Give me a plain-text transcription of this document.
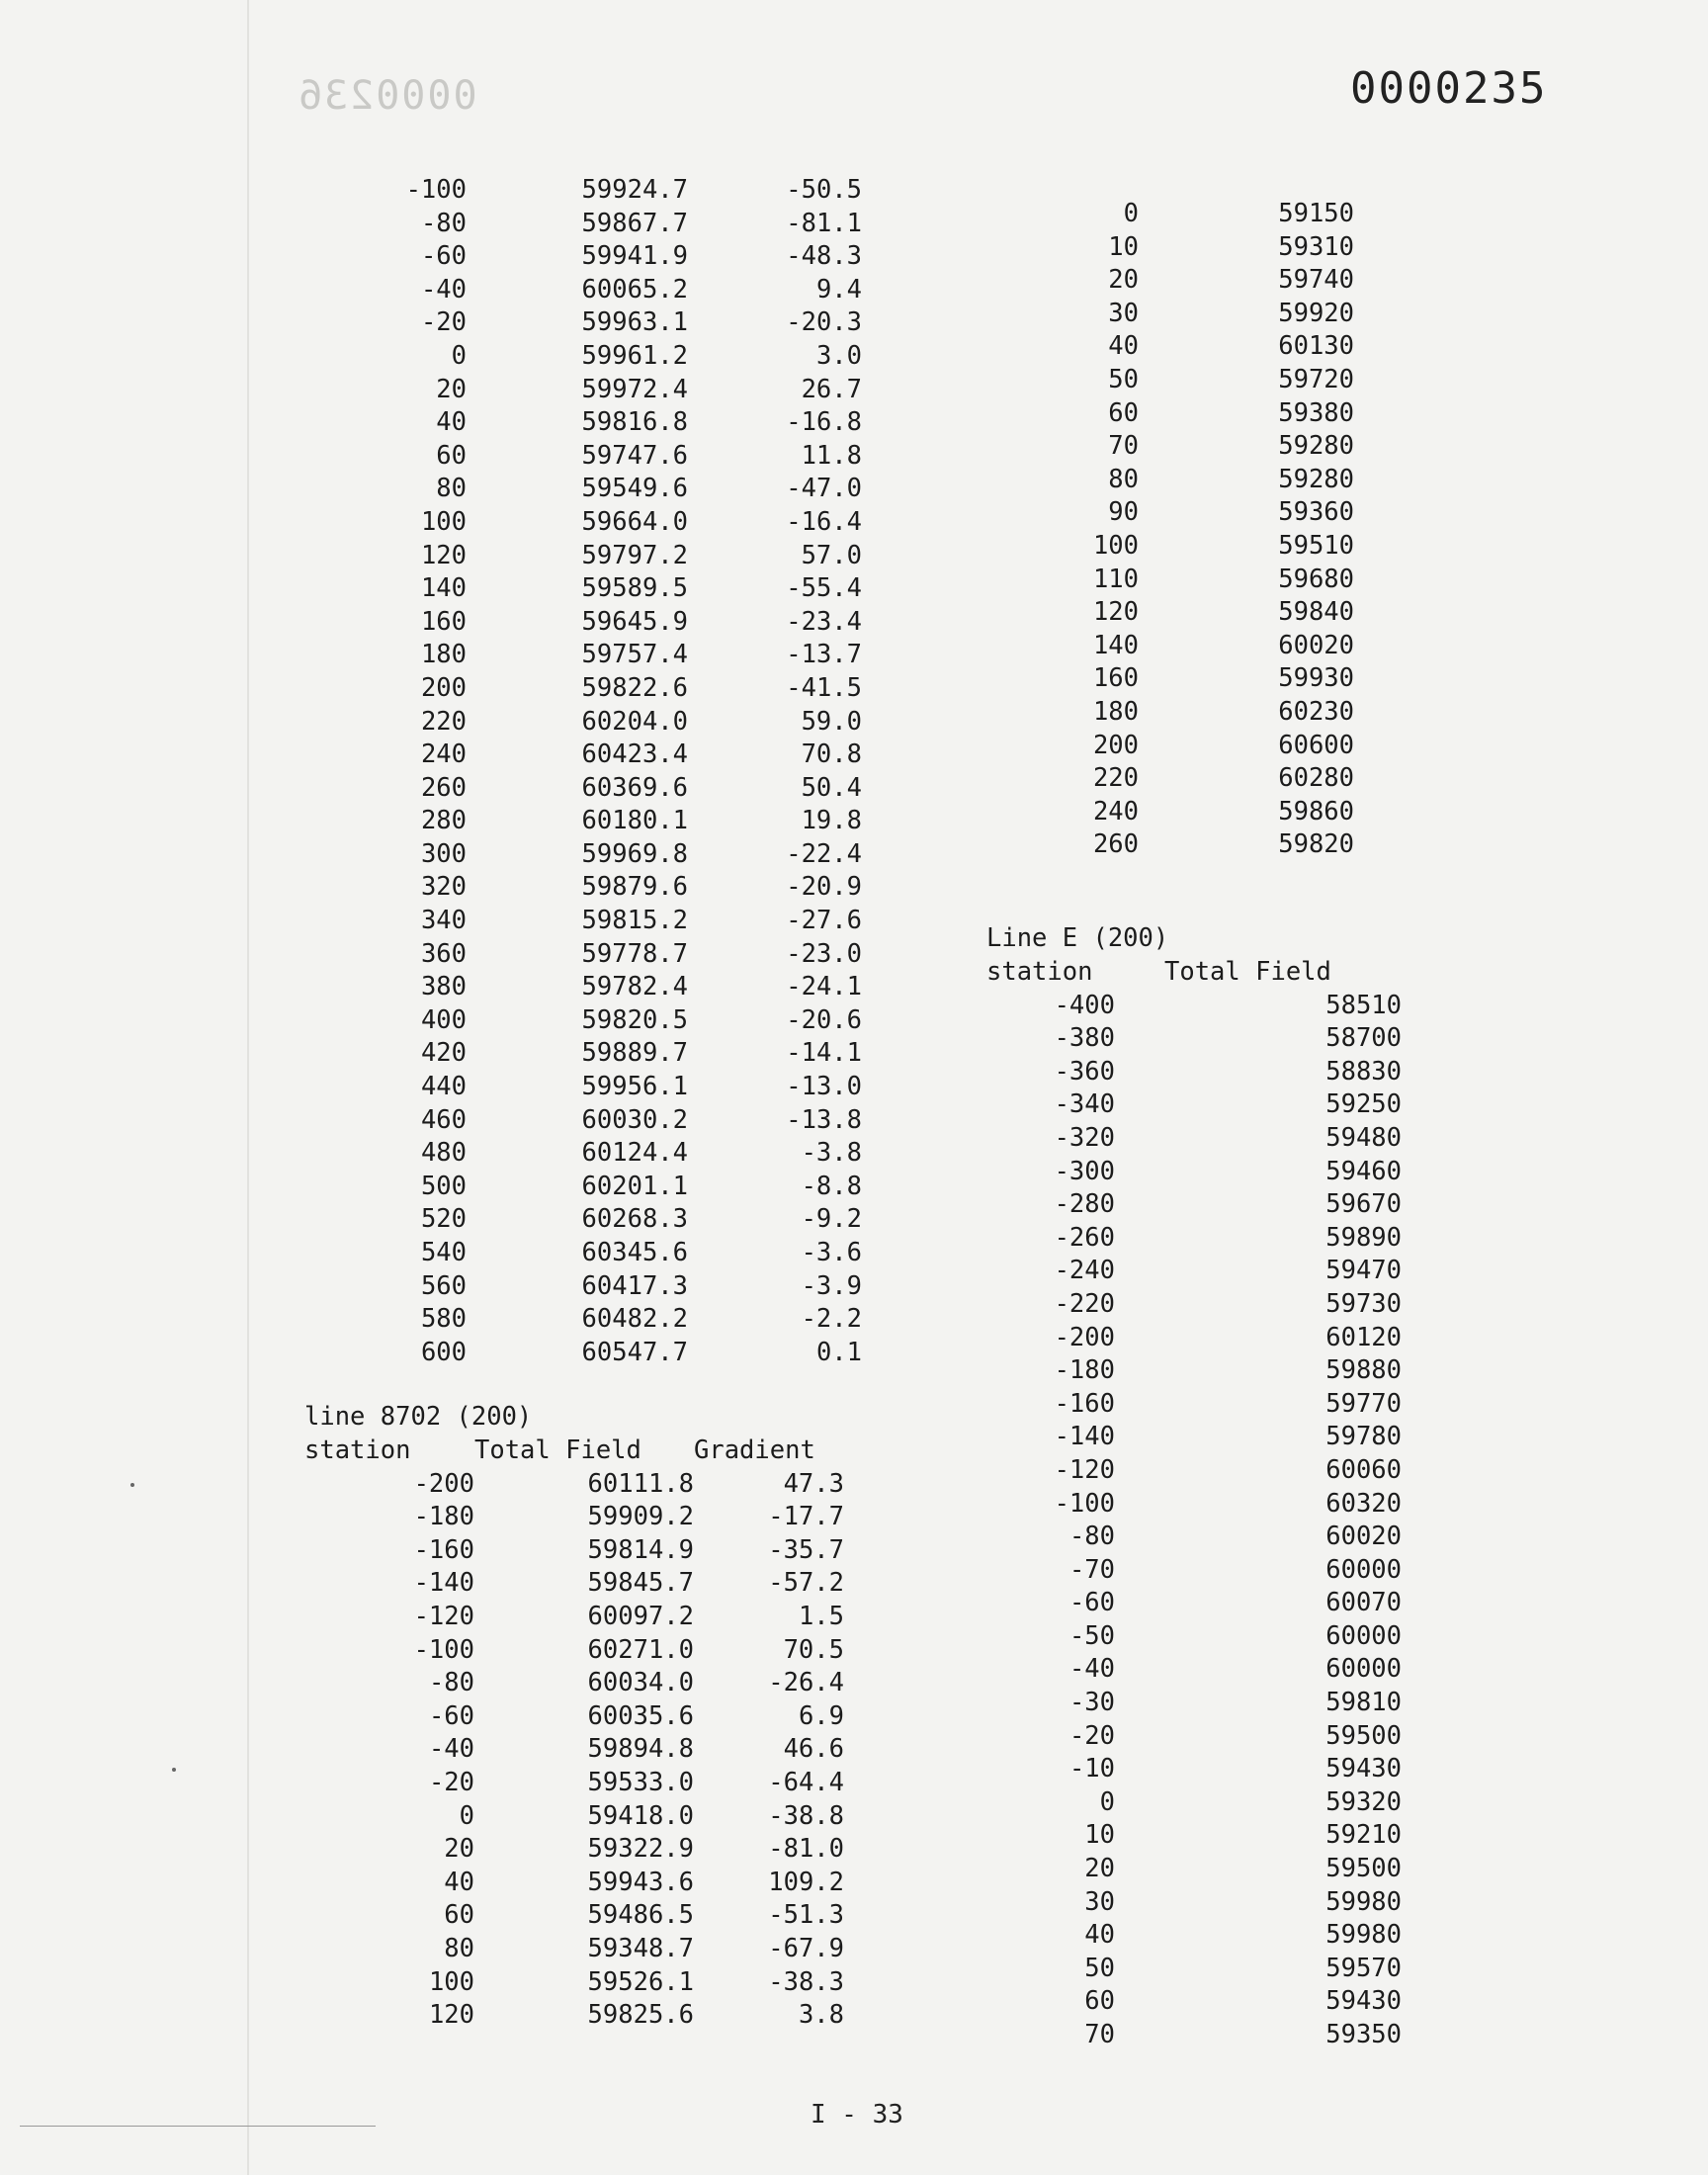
0000236	0000235
-100	59924.7	-50.5
-80	59867.7	-81.1
-60	59941.9	-48.3
-40	60065.2	9.4
-20	59963.1	-20.3
0	59961.2	3.0
20	59972.4	26.7
40	59816.8	-16.8
60	59747.6	11.8
80	59549.6	-47.0
100	59664.0	-16.4
120	59797.2	57.0
140	59589.5	-55.4
160	59645.9	-23.4
180	59757.4	-13.7
200	59822.6	-41.5
220	60204.0	59.0
240	60423.4	70.8
260	60369.6	50.4
280	60180.1	19.8
300	59969.8	-22.4
320	59879.6	-20.9
340	59815.2	-27.6
360	59778.7	-23.0
380	59782.4	-24.1
400	59820.5	-20.6
420	59889.7	-14.1
440	59956.1	-13.0
460	60030.2	-13.8
480	60124.4	-3.8
500	60201.1	-8.8
520	60268.3	-9.2
540	60345.6	-3.6
560	60417.3	-3.9
580	60482.2	-2.2
600	60547.7	0.1
0	59150
10	59310
20	59740
30	59920
40	60130
50	59720
60	59380
70	59280
80	59280
90	59360
100	59510
110	59680
120	59840
140	60020
160	59930
180	60230
200	60600
220	60280
240	59860
260	59820
Line E (200)
station	Total Field
-400	58510
-380	58700
-360	58830
-340	59250
-320	59480
-300	59460
-280	59670
-260	59890
-240	59470
-220	59730
-200	60120
-180	59880
-160	59770
-140	59780
-120	60060
-100	60320
-80	60020
-70	60000
-60	60070
-50	60000
-40	60000
-30	59810
-20	59500
-10	59430
0	59320
10	59210
20	59500
30	59980
40	59980
50	59570
60	59430
70	59350
line 8702 (200)
station	Total Field	Gradient
-200	60111.8	47.3
-180	59909.2	-17.7
-160	59814.9	-35.7
-140	59845.7	-57.2
-120	60097.2	1.5
-100	60271.0	70.5
-80	60034.0	-26.4
-60	60035.6	6.9
-40	59894.8	46.6
-20	59533.0	-64.4
0	59418.0	-38.8
20	59322.9	-81.0
40	59943.6	109.2
60	59486.5	-51.3
80	59348.7	-67.9
100	59526.1	-38.3
120	59825.6	3.8
I - 33
